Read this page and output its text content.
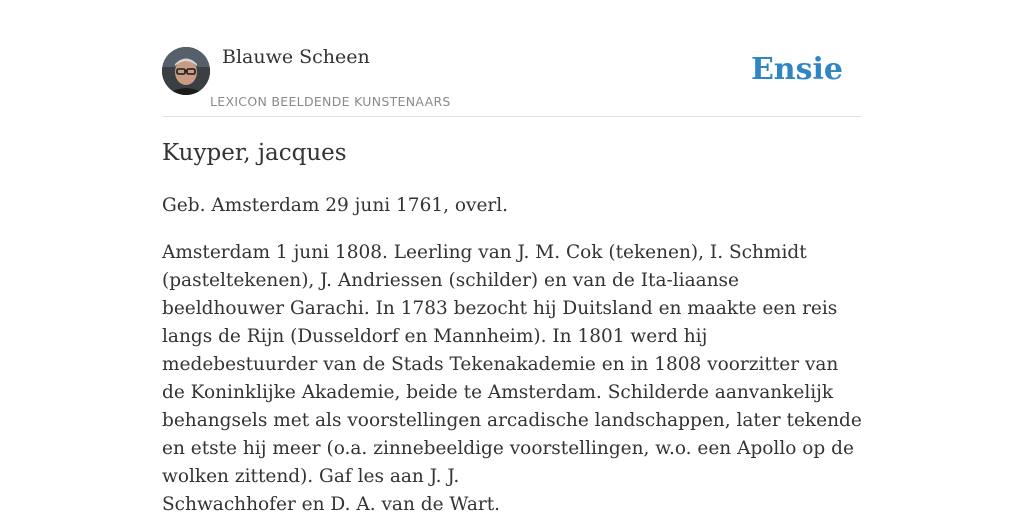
Blauwe Scheen
LEXICON BEELDENDE KUNSTENAARS
Ensie
Kuyper, jacques

Geb. Amsterdam 29 juni 1761, overl.

Amsterdam 1 juni 1808. Leerling van J. M. Cok (tekenen), I. Schmidt (pasteltekenen), J. Andriessen (schilder) en van de Ita-liaanse beeldhouwer Garachi. In 1783 bezocht hij Duitsland en maakte een reis langs de Rijn (Dusseldorf en Mannheim). In 1801 werd hij medebestuurder van de Stads Tekenakademie en in 1808 voorzitter van de Koninklijke Akademie, beide te Amsterdam. Schilderde aanvankelijk behangsels met als voorstellingen arcadische landschappen, later tekende en etste hij meer (o.a. zinnebeeldige voorstellingen, w.o. een Apollo op de wolken zittend). Gaf les aan J. J.

Schwachhofer en D. A. van de Wart.
